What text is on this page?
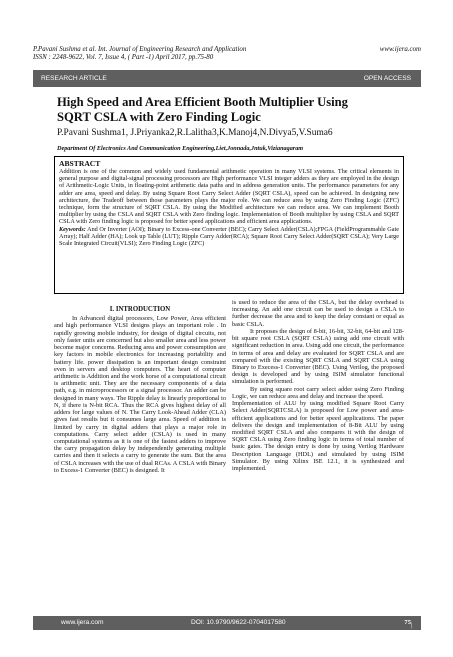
P.Pavani Sushma et al. Int. Journal of Engineering Research and Application	www.ijera.com
ISSN : 2248-9622, Vol. 7, Issue 4, ( Part -1) April 2017, pp.75-80
RESEARCH ARTICLE	OPEN ACCESS
High Speed and Area Efficient Booth Multiplier Using SQRT CSLA with Zero Finding Logic
P.Pavani Sushma1, J.Priyanka2,R.Lalitha3,K.Manoj4,N.Divya5,V.Suma6
Department Of Electronics And Communication Engineering,Liet,Jonnada,Jntuk,Vizianagaram
ABSTRACT
Addition is one of the common and widely used fundamental arithmetic operation in many VLSI systems. The critical elements in general purpose and digital-signal processing processors are High performance VLSI integer adders as they are employed in the design of Arithmetic-Logic Units, in floating-point arithmetic data paths and in address generation units. The performance parameters for any adder are area, speed and delay. By using Square Root Carry Select Adder (SQRT CSLA), speed can be achieved. In designing new architecture, the Tradeoff between those parameters plays the major role. We can reduce area by using Zero Finding Logic (ZFC) technique, form the structure of SQRT CSLA. By using the Modified architecture we can reduce area. We can implement Booth multiplier by using the CSLA and SQRT CSLA with Zero finding logic. Implementation of Booth multiplier by using CSLA and SQRT CSLA with Zero finding logic is proposed for better speed applications and efficient area applications.
Keywords: And Or Inverter (AOI); Binary to Excess-one Converter (BEC); Carry Select Adder(CSLA);FPGA (FieldProgrammable Gate Array); Half Adder (HA); Look up Table (LUT); Ripple Carry Adder(RCA); Square Root Carry Select Adder(SQRT CSLA); Very Large Scale Integrated Circuit(VLSI); Zero Finding Logic (ZFC)
I. INTRODUCTION

In Advanced digital processors, Low Power, Area efficient and high performance VLSI designs plays an important role . In rapidly growing mobile industry, for design of digital circuits, not only faster units are concerned but also smaller area and less power become major concerns. Reducing area and power consumption are key factors in mobile electronics for increasing portability and battery life. power dissipation is an important design constraint even in servers and desktop computers. The heart of computer arithmetic is Addition and the work horse of a computational circuit is arithmetic unit. They are the necessary components of a data path, e.g. in microprocessors or a signal processor. An adder can be designed in many ways. The Ripple delay is linearly proportional to N, if there is N-bit RCA. Thus the RCA gives highest delay of all adders for large values of N. The Carry Look-Ahead Adder (CLA) gives fast results but it consumes large area. Speed of addition is limited by carry in digital adders that plays a major role in computations. Carry select adder (CSLA) is used in many computational systems as it is one of the fastest adders to improve the carry propagation delay by independently generating multiple carries and then it selects a carry to generate the sum. But the area of CSLA increases with the use of dual RCAs. A CSLA with Binary to Excess-1 Converter (BEC) is designed. It

is used to reduce the area of the CSLA, but the delay overhead is increasing. An add one circuit can be used to design a CSLA to further decrease the area and to keep the delay constant or equal as basic CSLA.

It proposes the design of 8-bit, 16-bit, 32-bit, 64-bit and 128-bit square root CSLA (SQRT CSLA) using add one circuit with significant reduction in area. Using add one circuit, the performance in terms of area and delay are evaluated for SQRT CSLA and are compared with the existing SQRT CSLA and SQRT CSLA using Binary to Execess-1 Converter (BEC). Using Verilog, the proposed design is developed and by using ISIM simulator functional simulation is performed.

By using square root carry select adder using Zero Finding Logic, we can reduce area and delay and increase the speed.

Implementation of ALU by using modified Square Root Carry Select Adder(SQRTCSLA) is proposed for Low power and area-efficient applications and for better speed applications. The paper delivers the design and implementation of 8-Bit ALU by using modified SQRT CSLA and also compares it with the design of SQRT CSLA using Zero finding logic in terms of total number of basic gates. The design entry is done by using Verilog Hardware Description Language (HDL) and simulated by using ISIM Simulator. By using Xilinx ISE 12.1, it is synthesized and implemented.

www.ijera.com	DOI: 10.9790/9622-0704017580	75 | P a g e
